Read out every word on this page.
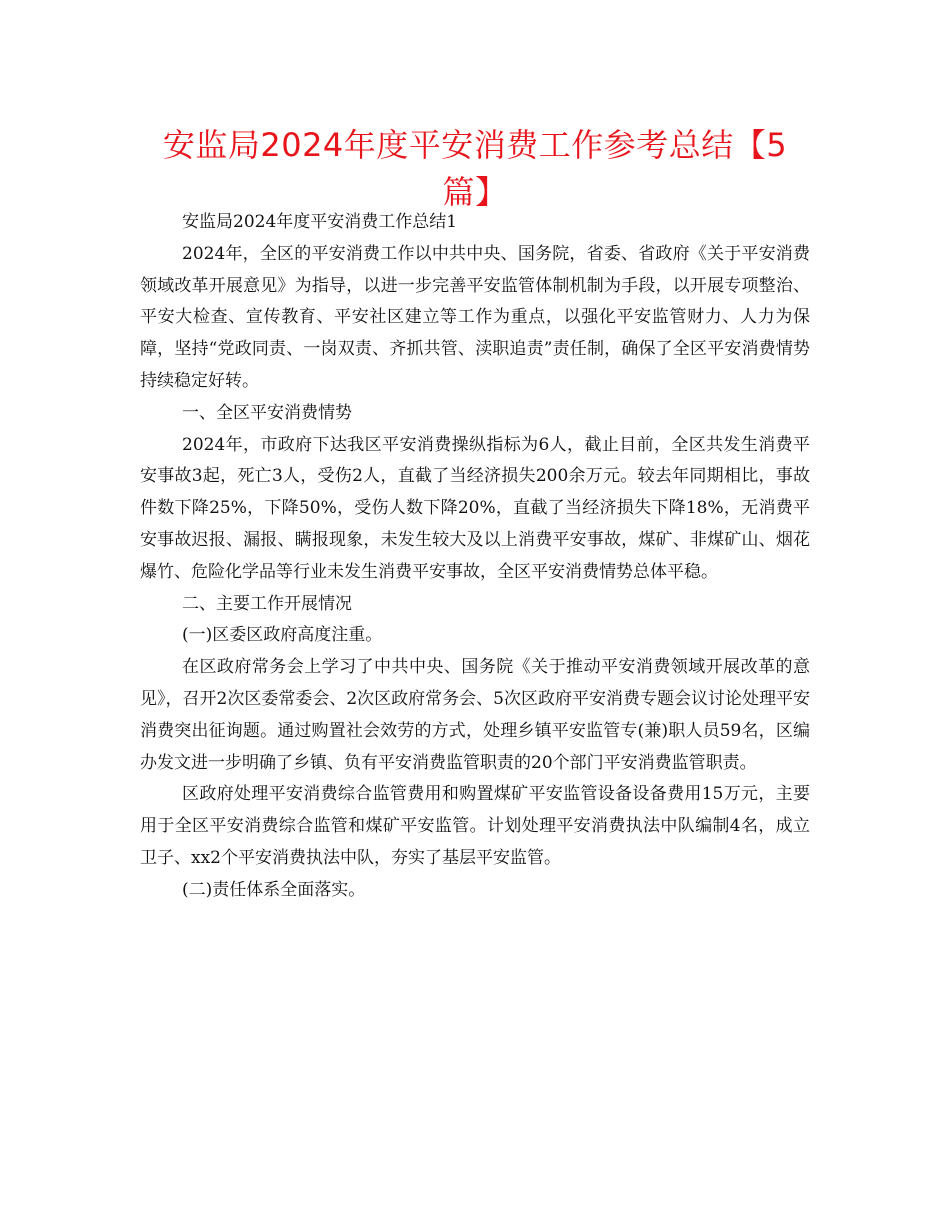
安监局2024年度平安消费工作参考总结【5篇】

安监局2024年度平安消费工作总结1

2024年，全区的平安消费工作以中共中央、国务院，省委、省政府《关于平安消费领域改革开展意见》为指导，以进一步完善平安监管体制机制为手段，以开展专项整治、平安大检查、宣传教育、平安社区建立等工作为重点，以强化平安监管财力、人力为保障，坚持“党政同责、一岗双责、齐抓共管、渎职追责”责任制，确保了全区平安消费情势持续稳定好转。

一、全区平安消费情势

2024年，市政府下达我区平安消费操纵指标为6人，截止目前，全区共发生消费平安事故3起，死亡3人，受伤2人，直截了当经济损失200余万元。较去年同期相比，事故件数下降25%，下降50%，受伤人数下降20%，直截了当经济损失下降18%，无消费平安事故迟报、漏报、瞒报现象，未发生较大及以上消费平安事故，煤矿、非煤矿山、烟花爆竹、危险化学品等行业未发生消费平安事故，全区平安消费情势总体平稳。

二、主要工作开展情况

(一)区委区政府高度注重。

在区政府常务会上学习了中共中央、国务院《关于推动平安消费领域开展改革的意见》，召开2次区委常委会、2次区政府常务会、5次区政府平安消费专题会议讨论处理平安消费突出征询题。通过购置社会效劳的方式，处理乡镇平安监管专(兼)职人员59名，区编办发文进一步明确了乡镇、负有平安消费监管职责的20个部门平安消费监管职责。

区政府处理平安消费综合监管费用和购置煤矿平安监管设备设备费用15万元，主要用于全区平安消费综合监管和煤矿平安监管。计划处理平安消费执法中队编制4名，成立卫子、xx2个平安消费执法中队，夯实了基层平安监管。

(二)责任体系全面落实。
